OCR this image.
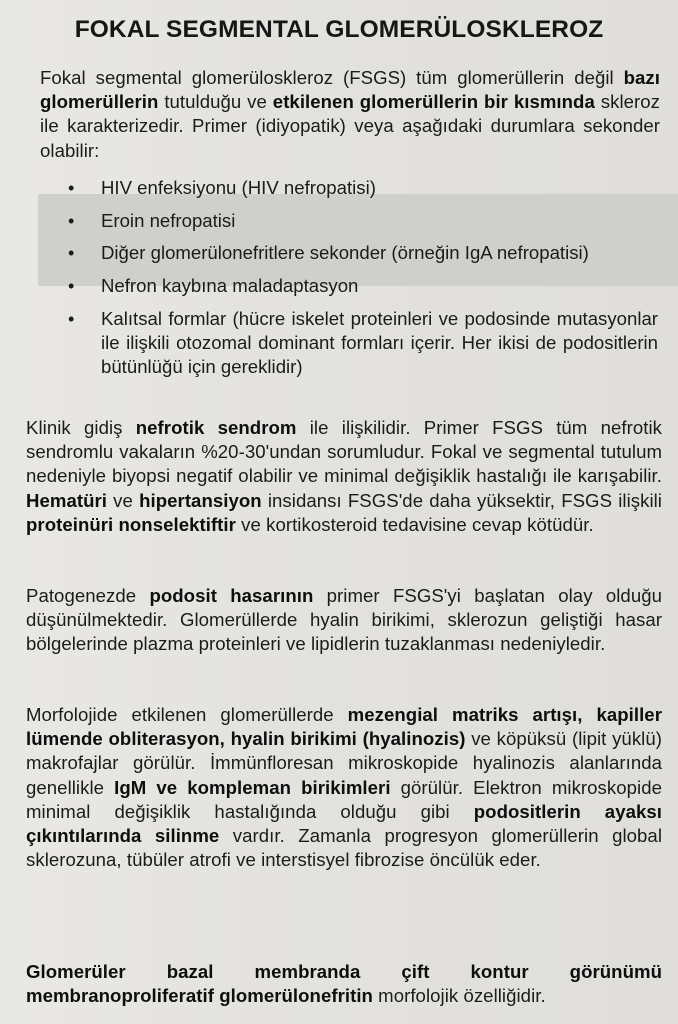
FOKAL SEGMENTAL GLOMERÜLOSKLEROZ
Fokal segmental glomerüloskleroz (FSGS) tüm glomerüllerin değil bazı glomerüllerin tutulduğu ve etkilenen glomerüllerin bir kısmında skleroz ile karakterizedir. Primer (idiyopatik) veya aşağıdaki durumlara sekonder olabilir:
• HIV enfeksiyonu (HIV nefropatisi)
• Eroin nefropatisi
• Diğer glomerülonefritlere sekonder (örneğin IgA nefropatisi)
• Nefron kaybına maladaptasyon
• Kalıtsal formlar (hücre iskelet proteinleri ve podosinde mutasyonlar ile ilişkili otozomal dominant formları içerir. Her ikisi de podositlerin bütünlüğü için gereklidir)
Klinik gidiş nefrotik sendrom ile ilişkilidir. Primer FSGS tüm nefrotik sendromlu vakaların %20-30'undan sorumludur. Fokal ve segmental tutulum nedeniyle biyopsi negatif olabilir ve minimal değişiklik hastalığı ile karışabilir. Hematüri ve hipertansiyon insidansı FSGS'de daha yüksektir, FSGS ilişkili proteinüri nonselektiftir ve kortikosteroid tedavisine cevap kötüdür.
Patogenezde podosit hasarının primer FSGS'yi başlatan olay olduğu düşünülmektedir. Glomerüllerde hyalin birikimi, sklerozun geliştiği hasar bölgelerinde plazma proteinleri ve lipidlerin tuzaklanması nedeniyledir.
Morfolojide etkilenen glomerüllerde mezengial matriks artışı, kapiller lümende obliterasyon, hyalin birikimi (hyalinozis) ve köpüksü (lipit yüklü) makrofajlar görülür. İmmünfloresan mikroskopide hyalinozis alanlarında genellikle IgM ve kompleman birikimleri görülür. Elektron mikroskopide minimal değişiklik hastalığında olduğu gibi podositlerin ayaksı çıkıntılarında silinme vardır. Zamanla progresyon glomerüllerin global sklerozuna, tübüler atrofi ve interstisyel fibrozise öncülük eder.
Glomerüler bazal membranda çift kontur görünümü membranoproliferatif glomerülonefritin morfolojik özelliğidir.
